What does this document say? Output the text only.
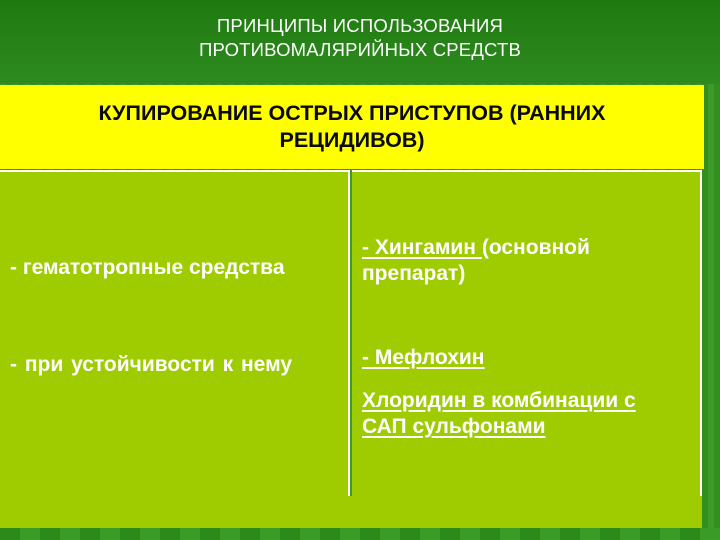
ПРИНЦИПЫ ИСПОЛЬЗОВАНИЯ
ПРОТИВОМАЛЯРИЙНЫХ СРЕДСТВ
КУПИРОВАНИЕ ОСТРЫХ ПРИСТУПОВ (РАННИХ
РЕЦИДИВОВ)

- гематотропные средства

- при устойчивости к нему

- Хингамин (основной препарат)

- Мефлохин

Хлоридин в комбинации с САП сульфонами
